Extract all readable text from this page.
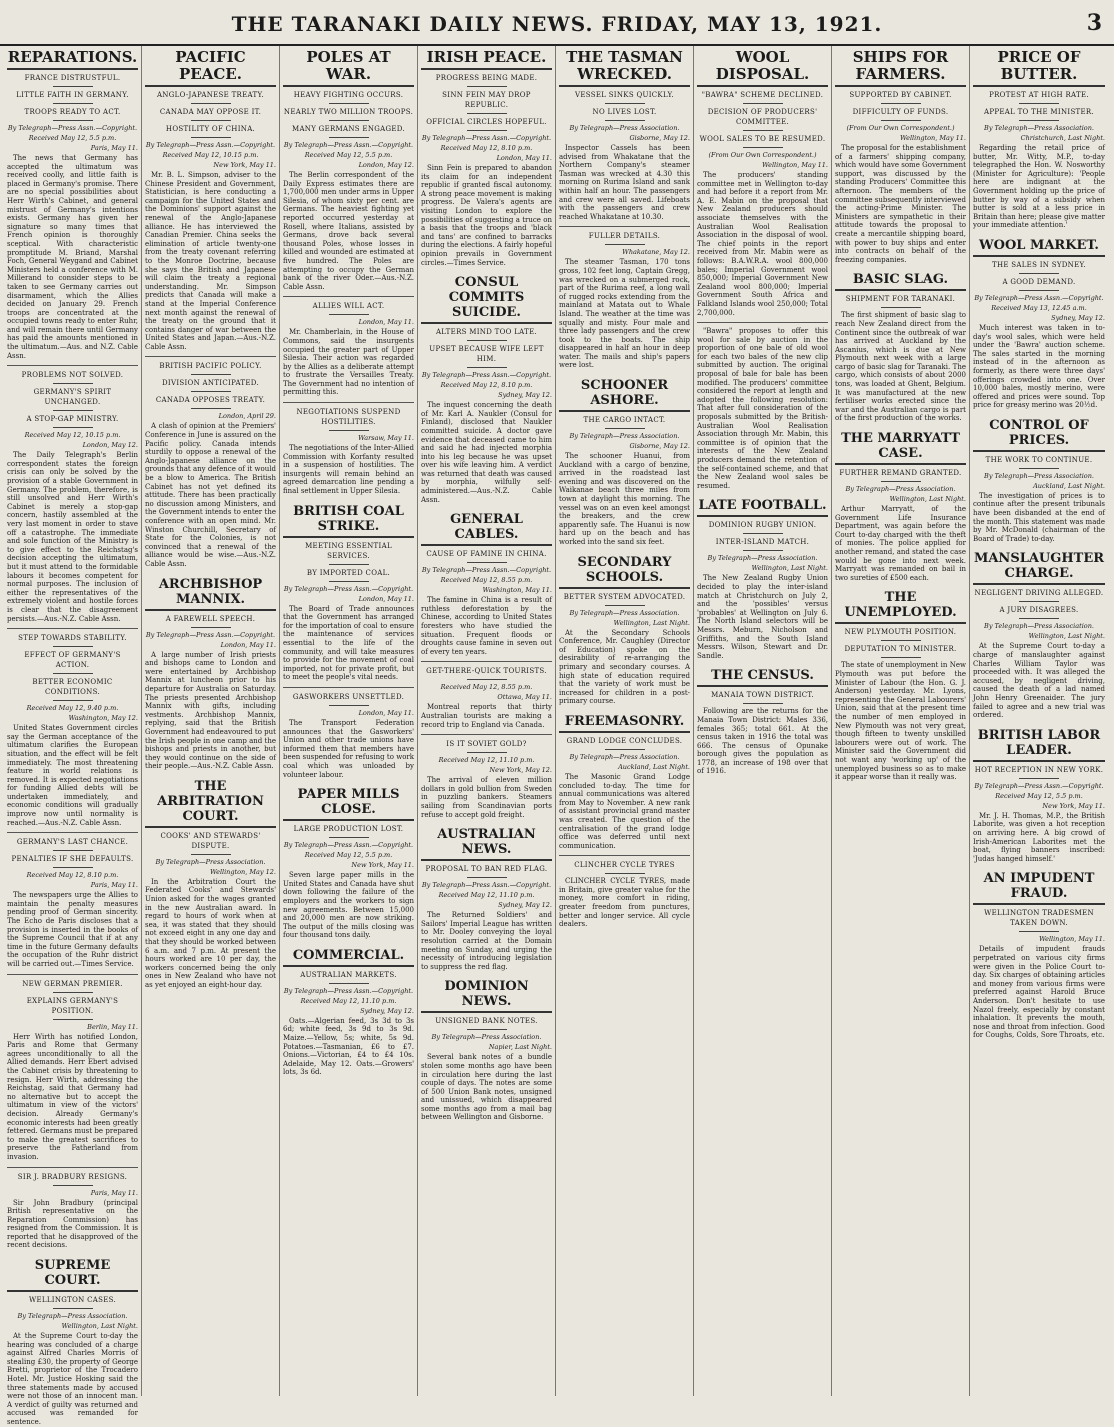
THE TARANAKI DAILY NEWS. FRIDAY, MAY 13, 1921.	3
REPARATIONS.
FRANCE DISTRUSTFUL.
LITTLE FAITH IN GERMANY.
TROOPS READY TO ACT.
By Telegraph—Press Assn.—Copyright.
Received May 12, 5.5 p.m.
Paris, May 11.

The news that Germany has accepted the ultimatum was received coolly, and little faith is placed in Germany's promise. There are no special possibilities about Herr Wirth's Cabinet, and general mistrust of Germany's intentions exists. Germany has given her signature so many times that French opinion is thoroughly sceptical. With characteristic promptitude M. Briand, Marshal Foch, General Weygand and Cabinet Ministers held a conference with M. Millerand to consider steps to be taken to see Germany carries out disarmament, which the Allies decided on January 29. French troops are concentrated at the occupied towns ready to enter Ruhr, and will remain there until Germany has paid the amounts mentioned in the ultimatum.—Aus. and N.Z. Cable Assn.

PROBLEMS NOT SOLVED.
GERMANY'S SPIRIT UNCHANGED.
A STOP-GAP MINISTRY.
Received May 12, 10.15 p.m.
London, May 12.

The Daily Telegraph's Berlin correspondent states the foreign crisis can only be solved by the provision of a stable Government in Germany. The problem, therefore, is still unsolved and Herr Wirth's Cabinet is merely a stop-gap concern, hastily assembled at the very last moment in order to stave off a catastrophe. The immediate and sole function of the Ministry is to give effect to the Reichstag's decision accepting the ultimatum, but it must attend to the formidable labours it becomes competent for normal purposes. The inclusion of either the representatives of the extremely violent and hostile forces is clear that the disagreement persists.—Aus.-N.Z. Cable Assn.

STEP TOWARDS STABILITY.
EFFECT OF GERMANY'S ACTION.
BETTER ECONOMIC CONDITIONS.
Received May 12, 9.40 p.m.
Washington, May 12.

United States Government circles say the German acceptance of the ultimatum clarifies the European situation, and the effect will be felt immediately. The most threatening feature in world relations is removed. It is expected negotiations for funding Allied debts will be undertaken immediately, and economic conditions will gradually improve now until normality is reached.—Aus.-N.Z. Cable Assn.

GERMANY'S LAST CHANCE.
PENALTIES IF SHE DEFAULTS.
Received May 12, 8.10 p.m.
Paris, May 11.

The newspapers urge the Allies to maintain the penalty measures pending proof of German sincerity. The Echo de Paris discloses that a provision is inserted in the books of the Supreme Council that if at any time in the future Germany defaults the occupation of the Ruhr district will be carried out.—Times Service.

NEW GERMAN PREMIER.
EXPLAINS GERMANY'S POSITION.
Berlin, May 11.

Herr Wirth has notified London, Paris and Rome that Germany agrees unconditionally to all the Allied demands. Herr Ebert advised the Cabinet crisis by threatening to resign. Herr Wirth, addressing the Reichstag, said that Germany had no alternative but to accept the ultimatum in view of the victors' decision. Already Germany's economic interests had been greatly fettered. Germans must be prepared to make the greatest sacrifices to preserve the Fatherland from invasion.

SIR J. BRADBURY RESIGNS.
Paris, May 11.

Sir John Bradbury (principal British representative on the Reparation Commission) has resigned from the Commission. It is reported that he disapproved of the recent decisions.

SUPREME COURT.
WELLINGTON CASES.
By Telegraph—Press Association.
Wellington, Last Night.

At the Supreme Court to-day the hearing was concluded of a charge against Alfred Charles Morris of stealing £30, the property of George Bretti, proprietor of the Trocadero Hotel. Mr. Justice Hosking said the three statements made by accused were not those of an innocent man. A verdict of guilty was returned and accused was remanded for sentence.

PACIFIC PEACE.
ANGLO-JAPANESE TREATY.
CANADA MAY OPPOSE IT.
HOSTILITY OF CHINA.
By Telegraph—Press Assn.—Copyright.
Received May 12, 10.15 p.m.
New York, May 11.

Mr. B. L. Simpson, adviser to the Chinese President and Government, Statistician, is here conducting a campaign for the United States and the Dominions' support against the renewal of the Anglo-Japanese alliance. He has interviewed the Canadian Premier. China seeks the elimination of article twenty-one from the treaty covenant referring to the Monroe Doctrine, because she says the British and Japanese will claim the treaty a regional understanding. Mr. Simpson predicts that Canada will make a stand at the Imperial Conference next month against the renewal of the treaty on the ground that it contains danger of war between the United States and Japan.—Aus.-N.Z. Cable Assn.

BRITISH PACIFIC POLICY.
DIVISION ANTICIPATED.
CANADA OPPOSES TREATY.
London, April 29.

A clash of opinion at the Premiers' Conference in June is assured on the Pacific policy. Canada intends sturdily to oppose a renewal of the Anglo-Japanese alliance on the grounds that any defence of it would be a blow to America. The British Cabinet has not yet defined its attitude. There has been practically no discussion among Ministers, and the Government intends to enter the conference with an open mind. Mr. Winston Churchill, Secretary of State for the Colonies, is not convinced that a renewal of the alliance would be wise.—Aus.-N.Z. Cable Assn.

ARCHBISHOP MANNIX.
A FAREWELL SPEECH.
By Telegraph—Press Assn.—Copyright.
London, May 11.

A large number of Irish priests and bishops came to London and were entertained by Archbishop Mannix at luncheon prior to his departure for Australia on Saturday. The priests presented Archbishop Mannix with gifts, including vestments. Archbishop Mannix, replying, said that the British Government had endeavoured to put the Irish people in one camp and the bishops and priests in another, but they would continue on the side of their people.—Aus.-N.Z. Cable Assn.

THE ARBITRATION COURT.
COOKS' AND STEWARDS' DISPUTE.
By Telegraph—Press Association.
Wellington, May 12.

In the Arbitration Court the Federated Cooks' and Stewards' Union asked for the wages granted in the new Australian award. In regard to hours of work when at sea, it was stated that they should not exceed eight in any one day and that they should be worked between 6 a.m. and 7 p.m. At present the hours worked are 10 per day, the workers concerned being the only ones in New Zealand who have not as yet enjoyed an eight-hour day.

POLES AT WAR.
HEAVY FIGHTING OCCURS.
NEARLY TWO MILLION TROOPS.
MANY GERMANS ENGAGED.
By Telegraph—Press Assn.—Copyright.
Received May 12, 5.5 p.m.
London, May 12.

The Berlin correspondent of the Daily Express estimates there are 1,700,000 men under arms in Upper Silesia, of whom sixty per cent. are Germans. The heaviest fighting yet reported occurred yesterday at Rosell, where Italians, assisted by Germans, drove back several thousand Poles, whose losses in killed and wounded are estimated at five hundred. The Poles are attempting to occupy the German bank of the river Oder.—Aus.-N.Z. Cable Assn.

ALLIES WILL ACT.
London, May 11.

Mr. Chamberlain, in the House of Commons, said the insurgents occupied the greater part of Upper Silesia. Their action was regarded by the Allies as a deliberate attempt to frustrate the Versailles Treaty. The Government had no intention of permitting this.

NEGOTIATIONS SUSPEND HOSTILITIES.
Warsaw, May 11.

The negotiations of the Inter-Allied Commission with Korfanty resulted in a suspension of hostilities. The insurgents will remain behind an agreed demarcation line pending a final settlement in Upper Silesia.

BRITISH COAL STRIKE.
MEETING ESSENTIAL SERVICES.
BY IMPORTED COAL.
By Telegraph—Press Assn.—Copyright.
London, May 11.

The Board of Trade announces that the Government has arranged for the importation of coal to ensure the maintenance of services essential to the life of the community, and will take measures to provide for the movement of coal imported, not for private profit, but to meet the people's vital needs.

GASWORKERS UNSETTLED.
London, May 11.

The Transport Federation announces that the Gasworkers' Union and other trade unions have informed them that members have been suspended for refusing to work coal which was unloaded by volunteer labour.

PAPER MILLS CLOSE.
LARGE PRODUCTION LOST.
By Telegraph—Press Assn.—Copyright.
Received May 12, 5.5 p.m.
New York, May 11.

Seven large paper mills in the United States and Canada have shut down following the failure of the employers and the workers to sign new agreements. Between 15,000 and 20,000 men are now striking. The output of the mills closing was four thousand tons daily.

COMMERCIAL.
AUSTRALIAN MARKETS.
By Telegraph—Press Assn.—Copyright.
Received May 12, 11.10 p.m.
Sydney, May 12.

Oats.—Algerian feed, 3s 3d to 3s 6d; white feed, 3s 9d to 3s 9d. Maize.—Yellow, 5s; white, 5s 9d. Potatoes.—Tasmanian, £6 to £7. Onions.—Victorian, £4 to £4 10s. Adelaide, May 12. Oats.—Growers' lots, 3s 6d.

IRISH PEACE.
PROGRESS BEING MADE.
SINN FEIN MAY DROP REPUBLIC.
OFFICIAL CIRCLES HOPEFUL.
By Telegraph—Press Assn.—Copyright.
Received May 12, 8.10 p.m.
London, May 11.

Sinn Fein is prepared to abandon its claim for an independent republic if granted fiscal autonomy. A strong peace movement is making progress. De Valera's agents are visiting London to explore the possibilities of suggesting a truce on a basis that the troops and 'black and tans' are confined to barracks during the elections. A fairly hopeful opinion prevails in Government circles.—Times Service.

CONSUL COMMITS SUICIDE.
ALTERS MIND TOO LATE.
UPSET BECAUSE WIFE LEFT HIM.
By Telegraph—Press Assn.—Copyright.
Received May 12, 8.10 p.m.
Sydney, May 12.

The inquest concerning the death of Mr. Karl A. Naukler (Consul for Finland), disclosed that Naukler committed suicide. A doctor gave evidence that deceased came to him and said he had injected morphia into his leg because he was upset over his wife leaving him. A verdict was returned that death was caused by morphia, wilfully self-administered.—Aus.-N.Z. Cable Assn.

GENERAL CABLES.
CAUSE OF FAMINE IN CHINA.
By Telegraph—Press Assn.—Copyright.
Received May 12, 8.55 p.m.
Washington, May 11.

The famine in China is a result of ruthless deforestation by the Chinese, according to United States foresters who have studied the situation. Frequent floods or droughts cause famine in seven out of every ten years.

GET-THERE-QUICK TOURISTS.
Received May 12, 8.55 p.m.
Ottawa, May 11.

Montreal reports that thirty Australian tourists are making a record trip to England via Canada.

IS IT SOVIET GOLD?
Received May 12, 11.10 p.m.
New York, May 12.

The arrival of eleven million dollars in gold bullion from Sweden in puzzling bankers. Steamers sailing from Scandinavian ports refuse to accept gold freight.

AUSTRALIAN NEWS.
PROPOSAL TO BAN RED FLAG.
By Telegraph—Press Assn.—Copyright.
Received May 12, 11.10 p.m.
Sydney, May 12.

The Returned Soldiers' and Sailors' Imperial League has written to Mr. Dooley conveying the loyal resolution carried at the Domain meeting on Sunday, and urging the necessity of introducing legislation to suppress the red flag.

DOMINION NEWS.
UNSIGNED BANK NOTES.
By Telegraph—Press Association.
Napier, Last Night.

Several bank notes of a bundle stolen some months ago have been in circulation here during the last couple of days. The notes are some of 500 Union Bank notes, unsigned and unissued, which disappeared some months ago from a mail bag between Wellington and Gisborne.

THE TASMAN WRECKED.
VESSEL SINKS QUICKLY.
NO LIVES LOST.
By Telegraph—Press Association.
Gisborne, May 12.

Inspector Cassels has been advised from Whakatane that the Northern Company's steamer Tasman was wrecked at 4.30 this morning on Rurima Island and sank within half an hour. The passengers and crew were all saved. Lifeboats with the passengers and crew reached Whakatane at 10.30.

FULLER DETAILS.
Whakatane, May 12.

The steamer Tasman, 170 tons gross, 102 feet long, Captain Gregg, was wrecked on a submerged rock, part of the Rurima reef, a long wall of rugged rocks extending from the mainland at Matata out to Whale Island. The weather at the time was squally and misty. Four male and three lady passengers and the crew took to the boats. The ship disappeared in half an hour in deep water. The mails and ship's papers were lost.

SCHOONER ASHORE.
THE CARGO INTACT.
By Telegraph—Press Association.
Gisborne, May 12.

The schooner Huanui, from Auckland with a cargo of benzine, arrived in the roadstead last evening and was discovered on the Waikanae beach three miles from town at daylight this morning. The vessel was on an even keel amongst the breakers, and the crew apparently safe. The Huanui is now hard up on the beach and has worked into the sand six feet.

SECONDARY SCHOOLS.
BETTER SYSTEM ADVOCATED.
By Telegraph—Press Association.
Wellington, Last Night.

At the Secondary Schools Conference, Mr. Caughley (Director of Education) spoke on the desirability of re-arranging the primary and secondary courses. A high state of education required that the variety of work must be increased for children in a post-primary course.

FREEMASONRY.
GRAND LODGE CONCLUDES.
By Telegraph—Press Association.
Auckland, Last Night.

The Masonic Grand Lodge concluded to-day. The time for annual communications was altered from May to November. A new rank of assistant provincial grand master was created. The question of the centralisation of the grand lodge office was deferred until next communication.

CLINCHER CYCLE TYRES

CLINCHER CYCLE TYRES, made in Britain, give greater value for the money, more comfort in riding, greater freedom from punctures, better and longer service. All cycle dealers.

WOOL DISPOSAL.
"BAWRA" SCHEME DECLINED.
DECISION OF PRODUCERS' COMMITTEE.
WOOL SALES TO BE RESUMED.
(From Our Own Correspondent.)
Wellington, May 11.

The producers' standing committee met in Wellington to-day and had before it a report from Mr. A. E. Mabin on the proposal that New Zealand producers should associate themselves with the Australian Wool Realisation Association in the disposal of wool. The chief points in the report received from Mr. Mabin were as follows: B.A.W.R.A. wool 800,000 bales; Imperial Government wool 850,000; Imperial Government New Zealand wool 800,000; Imperial Government South Africa and Falkland Islands wool 250,000; Total 2,700,000.

"Bawra" proposes to offer this wool for sale by auction in the proportion of one bale of old wool for each two bales of the new clip submitted by auction. The original proposal of bale for bale has been modified. The producers' committee considered the report at length and adopted the following resolution: That after full consideration of the proposals submitted by the British-Australian Wool Realisation Association through Mr. Mabin, this committee is of opinion that the interests of the New Zealand producers demand the retention of the self-contained scheme, and that the New Zealand wool sales be resumed.

LATE FOOTBALL.
DOMINION RUGBY UNION.
INTER-ISLAND MATCH.
By Telegraph—Press Association.
Wellington, Last Night.

The New Zealand Rugby Union decided to play the inter-island match at Christchurch on July 2, and the 'possibles' versus 'probables' at Wellington on July 6. The North Island selectors will be Messrs. Meburn, Nicholson and Griffiths, and the South Island Messrs. Wilson, Stewart and Dr. Sandle.

THE CENSUS.
MANAIA TOWN DISTRICT.

Following are the returns for the Manaia Town District: Males 336, females 365; total 661. At the census taken in 1916 the total was 666. The census of Opunake borough gives the population as 1778, an increase of 198 over that of 1916.

SHIPS FOR FARMERS.
SUPPORTED BY CABINET.
DIFFICULTY OF FUNDS.
(From Our Own Correspondent.)
Wellington, May 11.

The proposal for the establishment of a farmers' shipping company, which would have some Government support, was discussed by the standing Producers' Committee this afternoon. The members of the committee subsequently interviewed the acting-Prime Minister. The Ministers are sympathetic in their attitude towards the proposal to create a mercantile shipping board, with power to buy ships and enter into contracts on behalf of the freezing companies.

BASIC SLAG.
SHIPMENT FOR TARANAKI.

The first shipment of basic slag to reach New Zealand direct from the Continent since the outbreak of war has arrived at Auckland by the Ascanius, which is due at New Plymouth next week with a large cargo of basic slag for Taranaki. The cargo, which consists of about 2000 tons, was loaded at Ghent, Belgium. It was manufactured at the new fertiliser works erected since the war and the Australian cargo is part of the first production of the works.

THE MARRYATT CASE.
FURTHER REMAND GRANTED.
By Telegraph—Press Association.
Wellington, Last Night.

Arthur Marryatt, of the Government Life Insurance Department, was again before the Court to-day charged with the theft of monies. The police applied for another remand, and stated the case would be gone into next week. Marryatt was remanded on bail in two sureties of £500 each.

THE UNEMPLOYED.
NEW PLYMOUTH POSITION.
DEPUTATION TO MINISTER.

The state of unemployment in New Plymouth was put before the Minister of Labour (the Hon. G. J. Anderson) yesterday. Mr. Lyons, representing the General Labourers' Union, said that at the present time the number of men employed in New Plymouth was not very great, though fifteen to twenty unskilled labourers were out of work. The Minister said the Government did not want any 'working up' of the unemployed business so as to make it appear worse than it really was.

PRICE OF BUTTER.
PROTEST AT HIGH RATE.
APPEAL TO THE MINISTER.
By Telegraph—Press Association.
Christchurch, Last Night.

Regarding the retail price of butter, Mr. Witty, M.P., to-day telegraphed the Hon. W. Nosworthy (Minister for Agriculture): 'People here are indignant at the Government holding up the price of butter by way of a subsidy when butter is sold at a less price in Britain than here; please give matter your immediate attention.'

WOOL MARKET.
THE SALES IN SYDNEY.
A GOOD DEMAND.
By Telegraph—Press Assn.—Copyright.
Received May 13, 12.45 a.m.
Sydney, May 12.

Much interest was taken in to-day's wool sales, which were held under the 'Bawra' auction scheme. The sales started in the morning instead of in the afternoon as formerly, as there were three days' offerings crowded into one. Over 10,000 bales, mostly merino, were offered and prices were sound. Top price for greasy merino was 20½d.

CONTROL OF PRICES.
THE WORK TO CONTINUE.
By Telegraph—Press Association.
Auckland, Last Night.

The investigation of prices is to continue after the present tribunals have been disbanded at the end of the month. This statement was made by Mr. McDonald (chairman of the Board of Trade) to-day.

MANSLAUGHTER CHARGE.
NEGLIGENT DRIVING ALLEGED.
A JURY DISAGREES.
By Telegraph—Press Association.
Wellington, Last Night.

At the Supreme Court to-day a charge of manslaughter against Charles William Taylor was proceeded with. It was alleged the accused, by negligent driving, caused the death of a lad named John Henry Greenaider. The jury failed to agree and a new trial was ordered.

BRITISH LABOR LEADER.
HOT RECEPTION IN NEW YORK.
By Telegraph—Press Assn.—Copyright.
Received May 12, 5.5 p.m.
New York, May 11.

Mr. J. H. Thomas, M.P., the British Laborite, was given a hot reception on arriving here. A big crowd of Irish-American Laborites met the boat, flying banners inscribed: 'Judas hanged himself.'

AN IMPUDENT FRAUD.
WELLINGTON TRADESMEN TAKEN DOWN.
Wellington, May 11.

Details of impudent frauds perpetrated on various city firms were given in the Police Court to-day. Six charges of obtaining articles and money from various firms were preferred against Harold Bruce Anderson. Don't hesitate to use Nazol freely, especially by constant inhalation. It prevents the mouth, nose and throat from infection. Good for Coughs, Colds, Sore Throats, etc.
